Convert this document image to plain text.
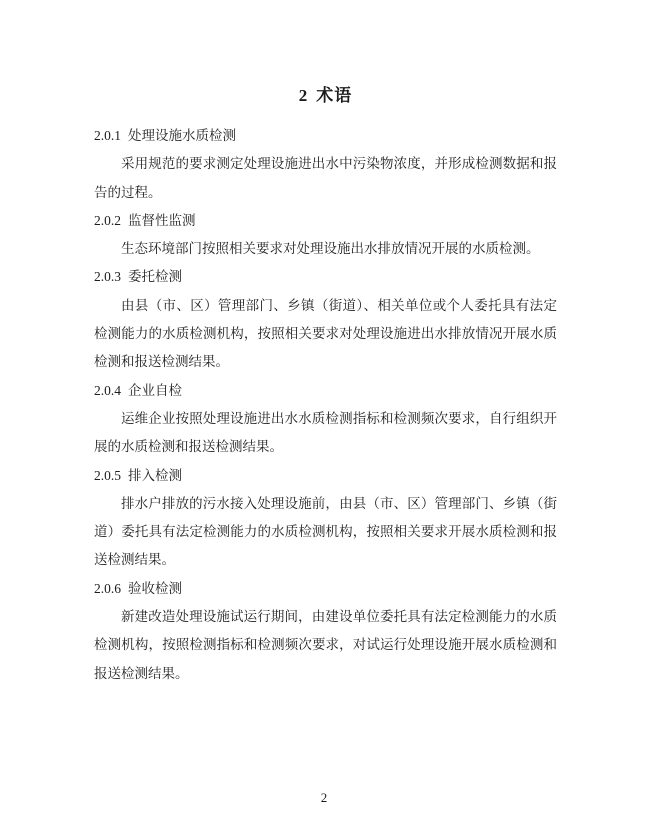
2 术语
2.0.1 处理设施水质检测

采用规范的要求测定处理设施进出水中污染物浓度，并形成检测数据和报告的过程。

2.0.2 监督性监测

生态环境部门按照相关要求对处理设施出水排放情况开展的水质检测。

2.0.3 委托检测

由县（市、区）管理部门、乡镇（街道）、相关单位或个人委托具有法定检测能力的水质检测机构，按照相关要求对处理设施进出水排放情况开展水质检测和报送检测结果。

2.0.4 企业自检

运维企业按照处理设施进出水水质检测指标和检测频次要求，自行组织开展的水质检测和报送检测结果。

2.0.5 排入检测

排水户排放的污水接入处理设施前，由县（市、区）管理部门、乡镇（街道）委托具有法定检测能力的水质检测机构，按照相关要求开展水质检测和报送检测结果。

2.0.6 验收检测

新建改造处理设施试运行期间，由建设单位委托具有法定检测能力的水质检测机构，按照检测指标和检测频次要求，对试运行处理设施开展水质检测和报送检测结果。

2
